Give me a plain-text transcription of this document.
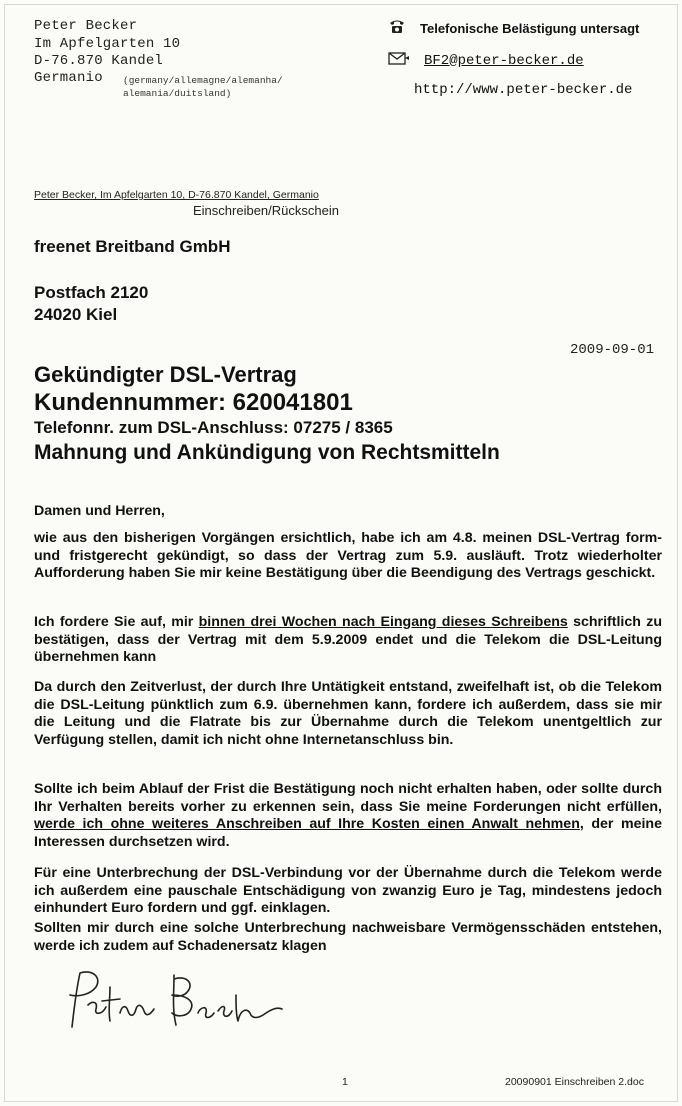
Peter Becker
Im Apfelgarten 10
D-76.870 Kandel
Germanio (germany/allemagne/alemanha/
alemania/duitsland)
Telefonische Belästigung untersagt
BF2@peter-becker.de
http://www.peter-becker.de
Peter Becker, Im Apfelgarten 10, D-76.870 Kandel, Germanio
Einschreiben/Rückschein
freenet Breitband GmbH
Postfach 2120
24020 Kiel
2009-09-01
Gekündigter DSL-Vertrag
Kundennummer: 620041801
Telefonnr. zum DSL-Anschluss: 07275 / 8365
Mahnung und Ankündigung von Rechtsmitteln
Damen und Herren,
wie aus den bisherigen Vorgängen ersichtlich, habe ich am 4.8. meinen DSL-Vertrag form- und fristgerecht gekündigt, so dass der Vertrag zum 5.9. ausläuft. Trotz wiederholter Aufforderung haben Sie mir keine Bestätigung über die Beendigung des Vertrags geschickt.
Ich fordere Sie auf, mir binnen drei Wochen nach Eingang dieses Schreibens schriftlich zu bestätigen, dass der Vertrag mit dem 5.9.2009 endet und die Telekom die DSL-Leitung übernehmen kann
Da durch den Zeitverlust, der durch Ihre Untätigkeit entstand, zweifelhaft ist, ob die Telekom die DSL-Leitung pünktlich zum 6.9. übernehmen kann, fordere ich außerdem, dass sie mir die Leitung und die Flatrate bis zur Übernahme durch die Telekom unentgeltlich zur Verfügung stellen, damit ich nicht ohne Internetanschluss bin.
Sollte ich beim Ablauf der Frist die Bestätigung noch nicht erhalten haben, oder sollte durch Ihr Verhalten bereits vorher zu erkennen sein, dass Sie meine Forderungen nicht erfüllen, werde ich ohne weiteres Anschreiben auf Ihre Kosten einen Anwalt nehmen, der meine Interessen durchsetzen wird.
Für eine Unterbrechung der DSL-Verbindung vor der Übernahme durch die Telekom werde ich außerdem eine pauschale Entschädigung von zwanzig Euro je Tag, mindestens jedoch einhundert Euro fordern und ggf. einklagen.
Sollten mir durch eine solche Unterbrechung nachweisbare Vermögensschäden entstehen, werde ich zudem auf Schadenersatz klagen
1	20090901 Einschreiben 2.doc
